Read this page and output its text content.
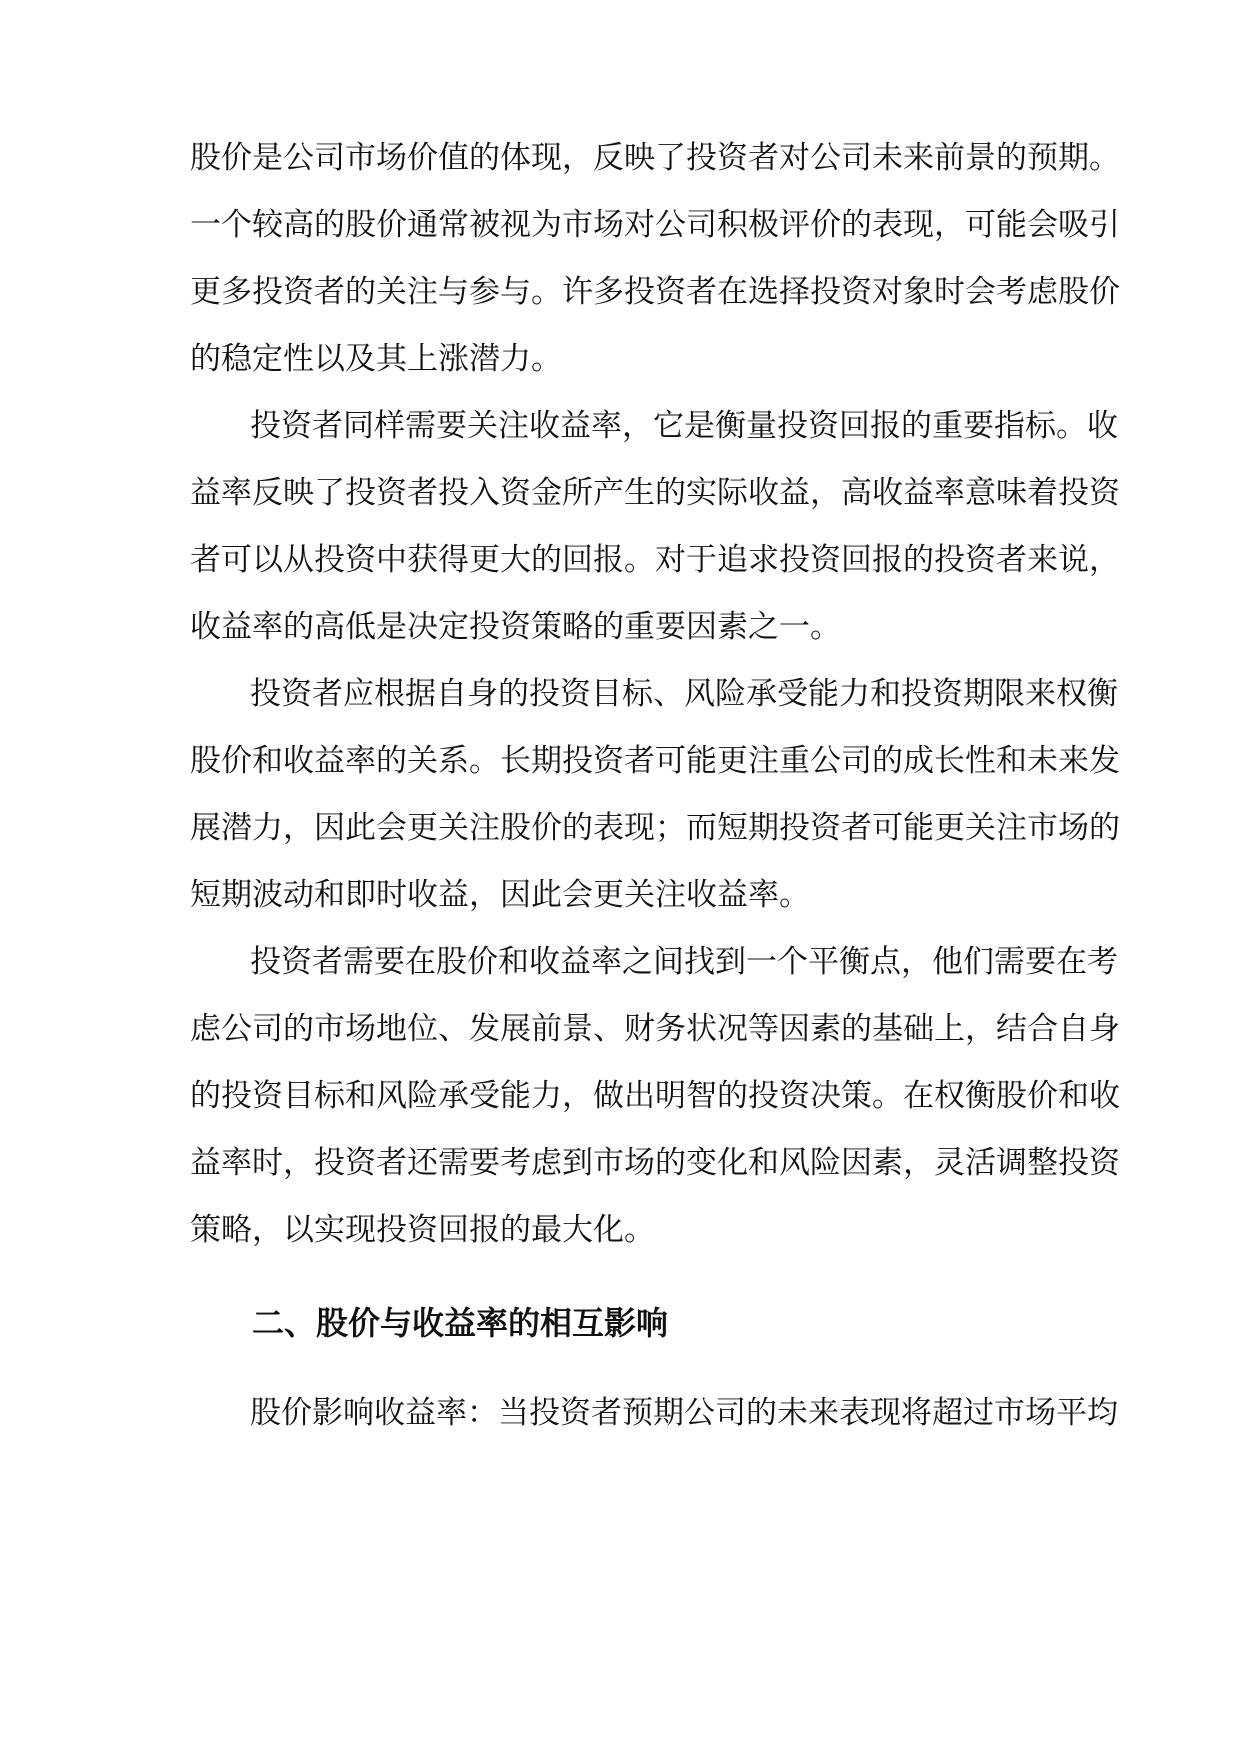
股价是公司市场价值的体现，反映了投资者对公司未来前景的预期。
一个较高的股价通常被视为市场对公司积极评价的表现，可能会吸引
更多投资者的关注与参与。许多投资者在选择投资对象时会考虑股价
的稳定性以及其上涨潜力。
投资者同样需要关注收益率，它是衡量投资回报的重要指标。收
益率反映了投资者投入资金所产生的实际收益，高收益率意味着投资
者可以从投资中获得更大的回报。对于追求投资回报的投资者来说，
收益率的高低是决定投资策略的重要因素之一。
投资者应根据自身的投资目标、风险承受能力和投资期限来权衡
股价和收益率的关系。长期投资者可能更注重公司的成长性和未来发
展潜力，因此会更关注股价的表现；而短期投资者可能更关注市场的
短期波动和即时收益，因此会更关注收益率。
投资者需要在股价和收益率之间找到一个平衡点，他们需要在考
虑公司的市场地位、发展前景、财务状况等因素的基础上，结合自身
的投资目标和风险承受能力，做出明智的投资决策。在权衡股价和收
益率时，投资者还需要考虑到市场的变化和风险因素，灵活调整投资
策略，以实现投资回报的最大化。
二、股价与收益率的相互影响
股价影响收益率：当投资者预期公司的未来表现将超过市场平均
